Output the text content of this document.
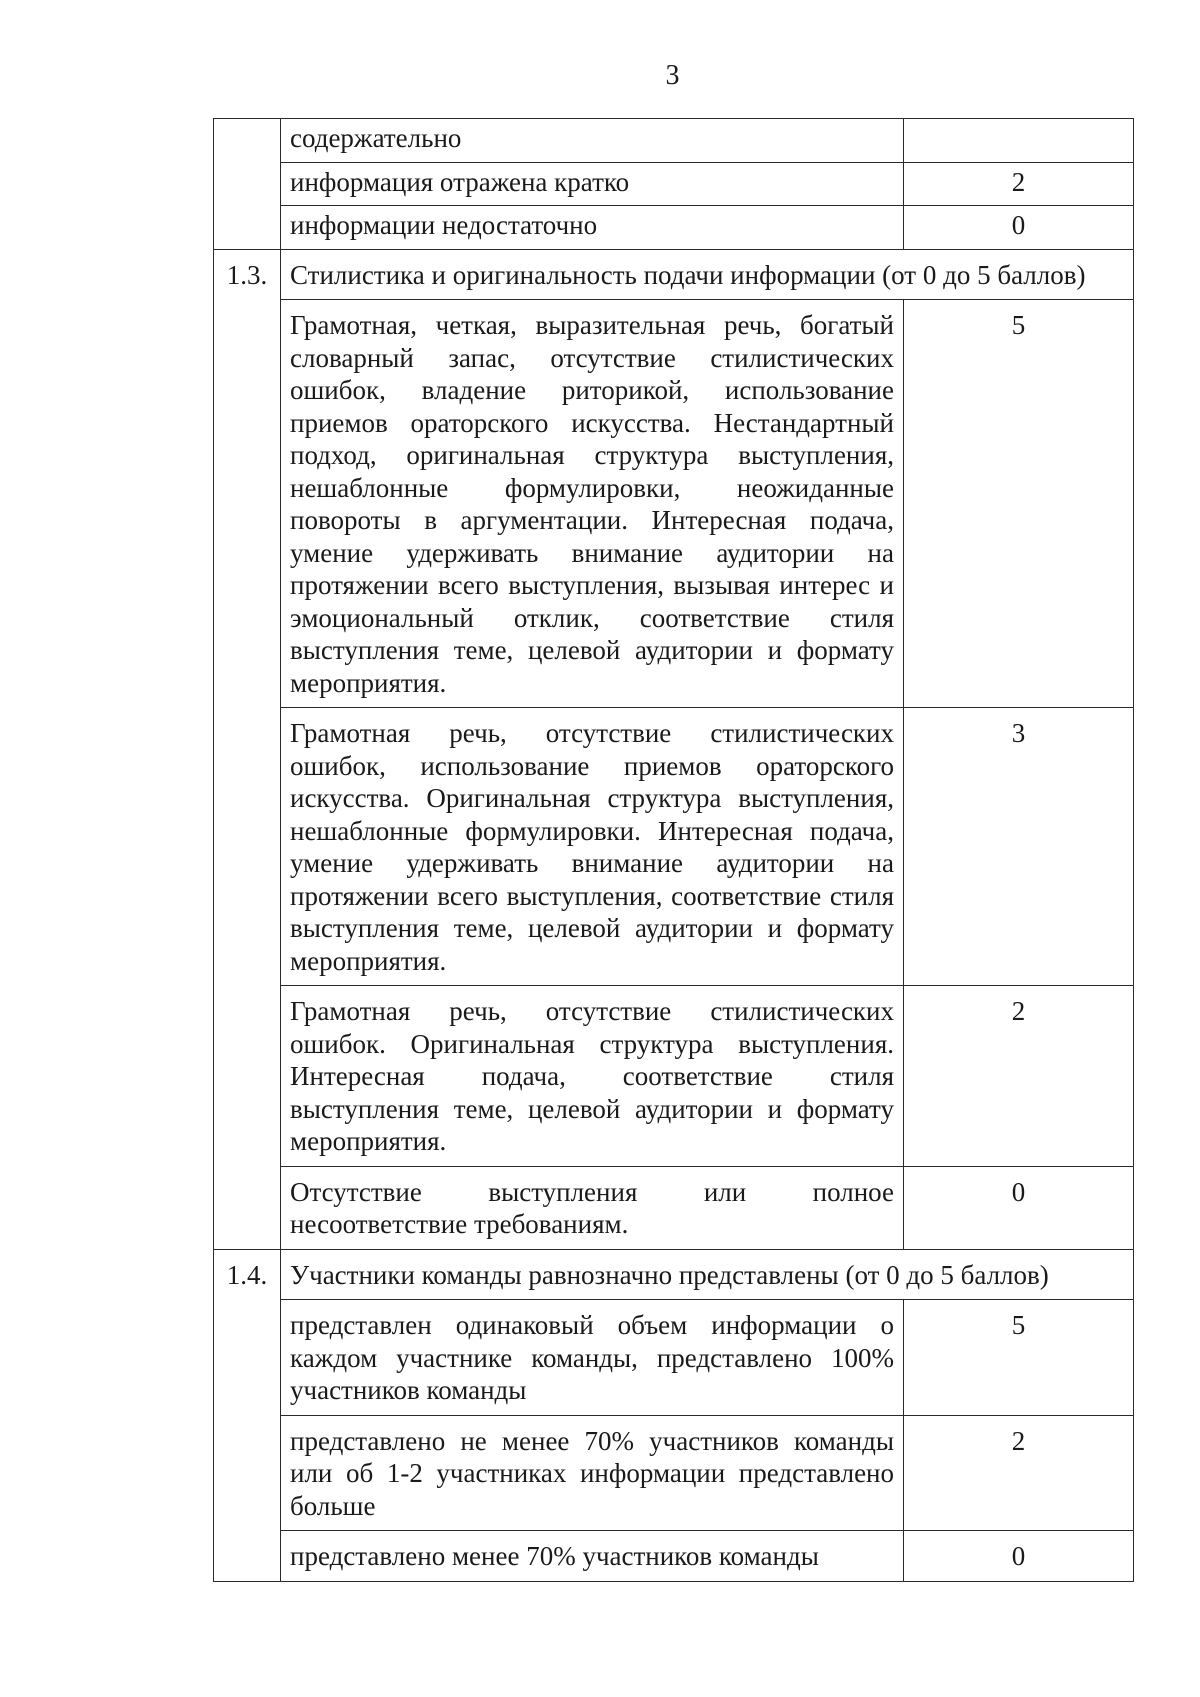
3
	содержательно	
	информация отражена кратко	2
	информации недостаточно	0
1.3.	Стилистика и оригинальность подачи информации (от 0 до 5 баллов)	
	Грамотная, четкая, выразительная речь, богатый словарный запас, отсутствие стилистических ошибок, владение риторикой, использование приемов ораторского искусства. Нестандартный подход, оригинальная структура выступления, нешаблонные формулировки, неожиданные повороты в аргументации. Интересная подача, умение удерживать внимание аудитории на протяжении всего выступления, вызывая интерес и эмоциональный отклик, соответствие стиля выступления теме, целевой аудитории и формату мероприятия.	5
	Грамотная речь, отсутствие стилистических ошибок, использование приемов ораторского искусства. Оригинальная структура выступления, нешаблонные формулировки. Интересная подача, умение удерживать внимание аудитории на протяжении всего выступления, соответствие стиля выступления теме, целевой аудитории и формату мероприятия.	3
	Грамотная речь, отсутствие стилистических ошибок. Оригинальная структура выступления. Интересная подача, соответствие стиля выступления теме, целевой аудитории и формату мероприятия.	2
	Отсутствие выступления или полное несоответствие требованиям.	0
1.4.	Участники команды равнозначно представлены (от 0 до 5 баллов)	
	представлен одинаковый объем информации о каждом участнике команды, представлено 100% участников команды	5
	представлено не менее 70% участников команды или об 1-2 участниках информации представлено больше	2
	представлено менее 70% участников команды	0
